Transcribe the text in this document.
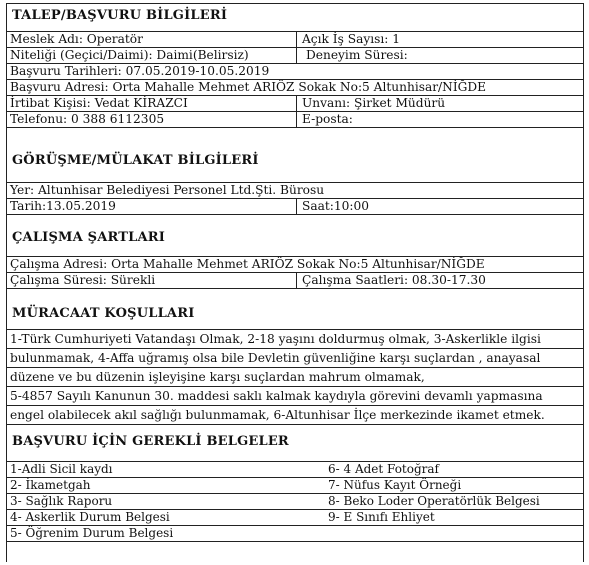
TALEP/BAŞVURU BİLGİLERİ
Meslek Adı: Operatör	Açık İş Sayısı: 1
Niteliği (Geçici/Daimi): Daimi(Belirsiz)	Deneyim Süresi:
Başvuru Tarihleri: 07.05.2019-10.05.2019
Başvuru Adresi: Orta Mahalle Mehmet ARIÖZ Sokak No:5 Altunhisar/NİĞDE
İrtibat Kişisi: Vedat KİRAZCI	Unvanı: Şirket Müdürü
Telefonu: 0 388 6112305	E-posta:
GÖRÜŞME/MÜLAKAT BİLGİLERİ
Yer: Altunhisar Belediyesi Personel Ltd.Şti. Bürosu
Tarih:13.05.2019	Saat:10:00
ÇALIŞMA ŞARTLARI
Çalışma Adresi: Orta Mahalle Mehmet ARIÖZ Sokak No:5 Altunhisar/NİĞDE
Çalışma Süresi: Sürekli	Çalışma Saatleri: 08.30-17.30
MÜRACAAT KOŞULLARI
1-Türk Cumhuriyeti Vatandaşı Olmak, 2-18 yaşını doldurmuş olmak, 3-Askerlikle ilgisi
bulunmamak, 4-Affa uğramış olsa bile Devletin güvenliğine karşı suçlardan , anayasal
düzene ve bu düzenin işleyişine karşı suçlardan mahrum olmamak,
5-4857 Sayılı Kanunun 30. maddesi saklı kalmak kaydıyla görevini devamlı yapmasına
engel olabilecek akıl sağlığı bulunmamak, 6-Altunhisar İlçe merkezinde ikamet etmek.
BAŞVURU İÇİN GEREKLİ BELGELER
1-Adli Sicil kaydı	6- 4 Adet Fotoğraf
2- İkametgah	7- Nüfus Kayıt Örneği
3- Sağlık Raporu	8- Beko Loder Operatörlük Belgesi
4- Askerlik Durum Belgesi	9- E Sınıfı Ehliyet
5- Öğrenim Durum Belgesi
